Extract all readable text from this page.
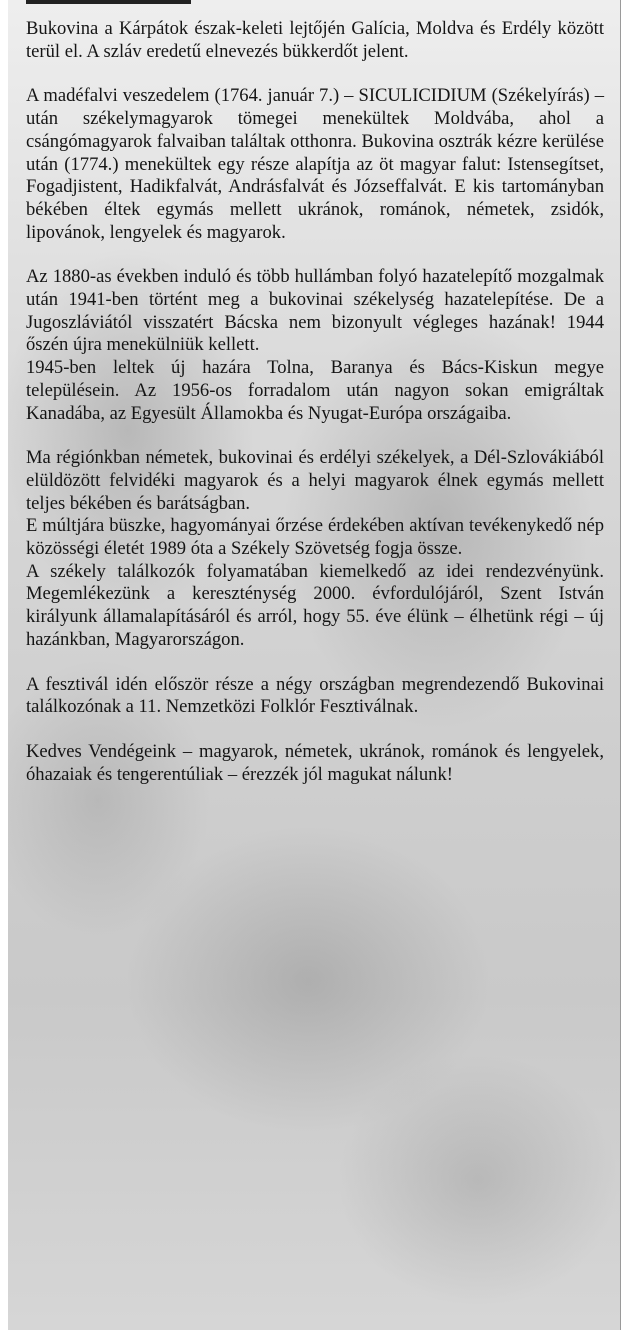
Bukovina a Kárpátok észak-keleti lejtőjén Galícia, Moldva és Erdély között terül el. A szláv eredetű elnevezés bükkerdőt jelent.

A madéfalvi veszedelem (1764. január 7.) – SICULICIDIUM (Székelyírás) – után székelymagyarok tömegei menekültek Moldvába, ahol a csángómagyarok falvaiban találtak otthonra. Bukovina osztrák kézre kerülése után (1774.) menekültek egy része alapítja az öt magyar falut: Istensegítset, Fogadjistent, Hadikfalvát, Andrásfalvát és Józseffalvát. E kis tartományban békében éltek egymás mellett ukránok, románok, németek, zsidók, lipovánok, lengyelek és magyarok.

Az 1880-as években induló és több hullámban folyó hazatelepítő mozgalmak után 1941-ben történt meg a bukovinai székelység hazatelepítése. De a Jugoszláviától visszatért Bácska nem bizonyult végleges hazának! 1944 őszén újra menekülniük kellett.

1945-ben leltek új hazára Tolna, Baranya és Bács-Kiskun megye településein. Az 1956-os forradalom után nagyon sokan emigráltak Kanadába, az Egyesült Államokba és Nyugat-Európa országaiba.

Ma régiónkban németek, bukovinai és erdélyi székelyek, a Dél-Szlovákiából elüldözött felvidéki magyarok és a helyi magyarok élnek egymás mellett teljes békében és barátságban.

E múltjára büszke, hagyományai őrzése érdekében aktívan tevékenykedő nép közösségi életét 1989 óta a Székely Szövetség fogja össze.

A székely találkozók folyamatában kiemelkedő az idei rendezvényünk. Megemlékezünk a kereszténység 2000. évfordulójáról, Szent István királyunk államalapításáról és arról, hogy 55. éve élünk – élhetünk régi – új hazánkban, Magyarországon.

A fesztivál idén először része a négy országban megrendezendő Bukovinai találkozónak a 11. Nemzetközi Folklór Fesztiválnak.

Kedves Vendégeink – magyarok, németek, ukránok, románok és lengyelek, óhazaiak és tengerentúliak – érezzék jól magukat nálunk!
